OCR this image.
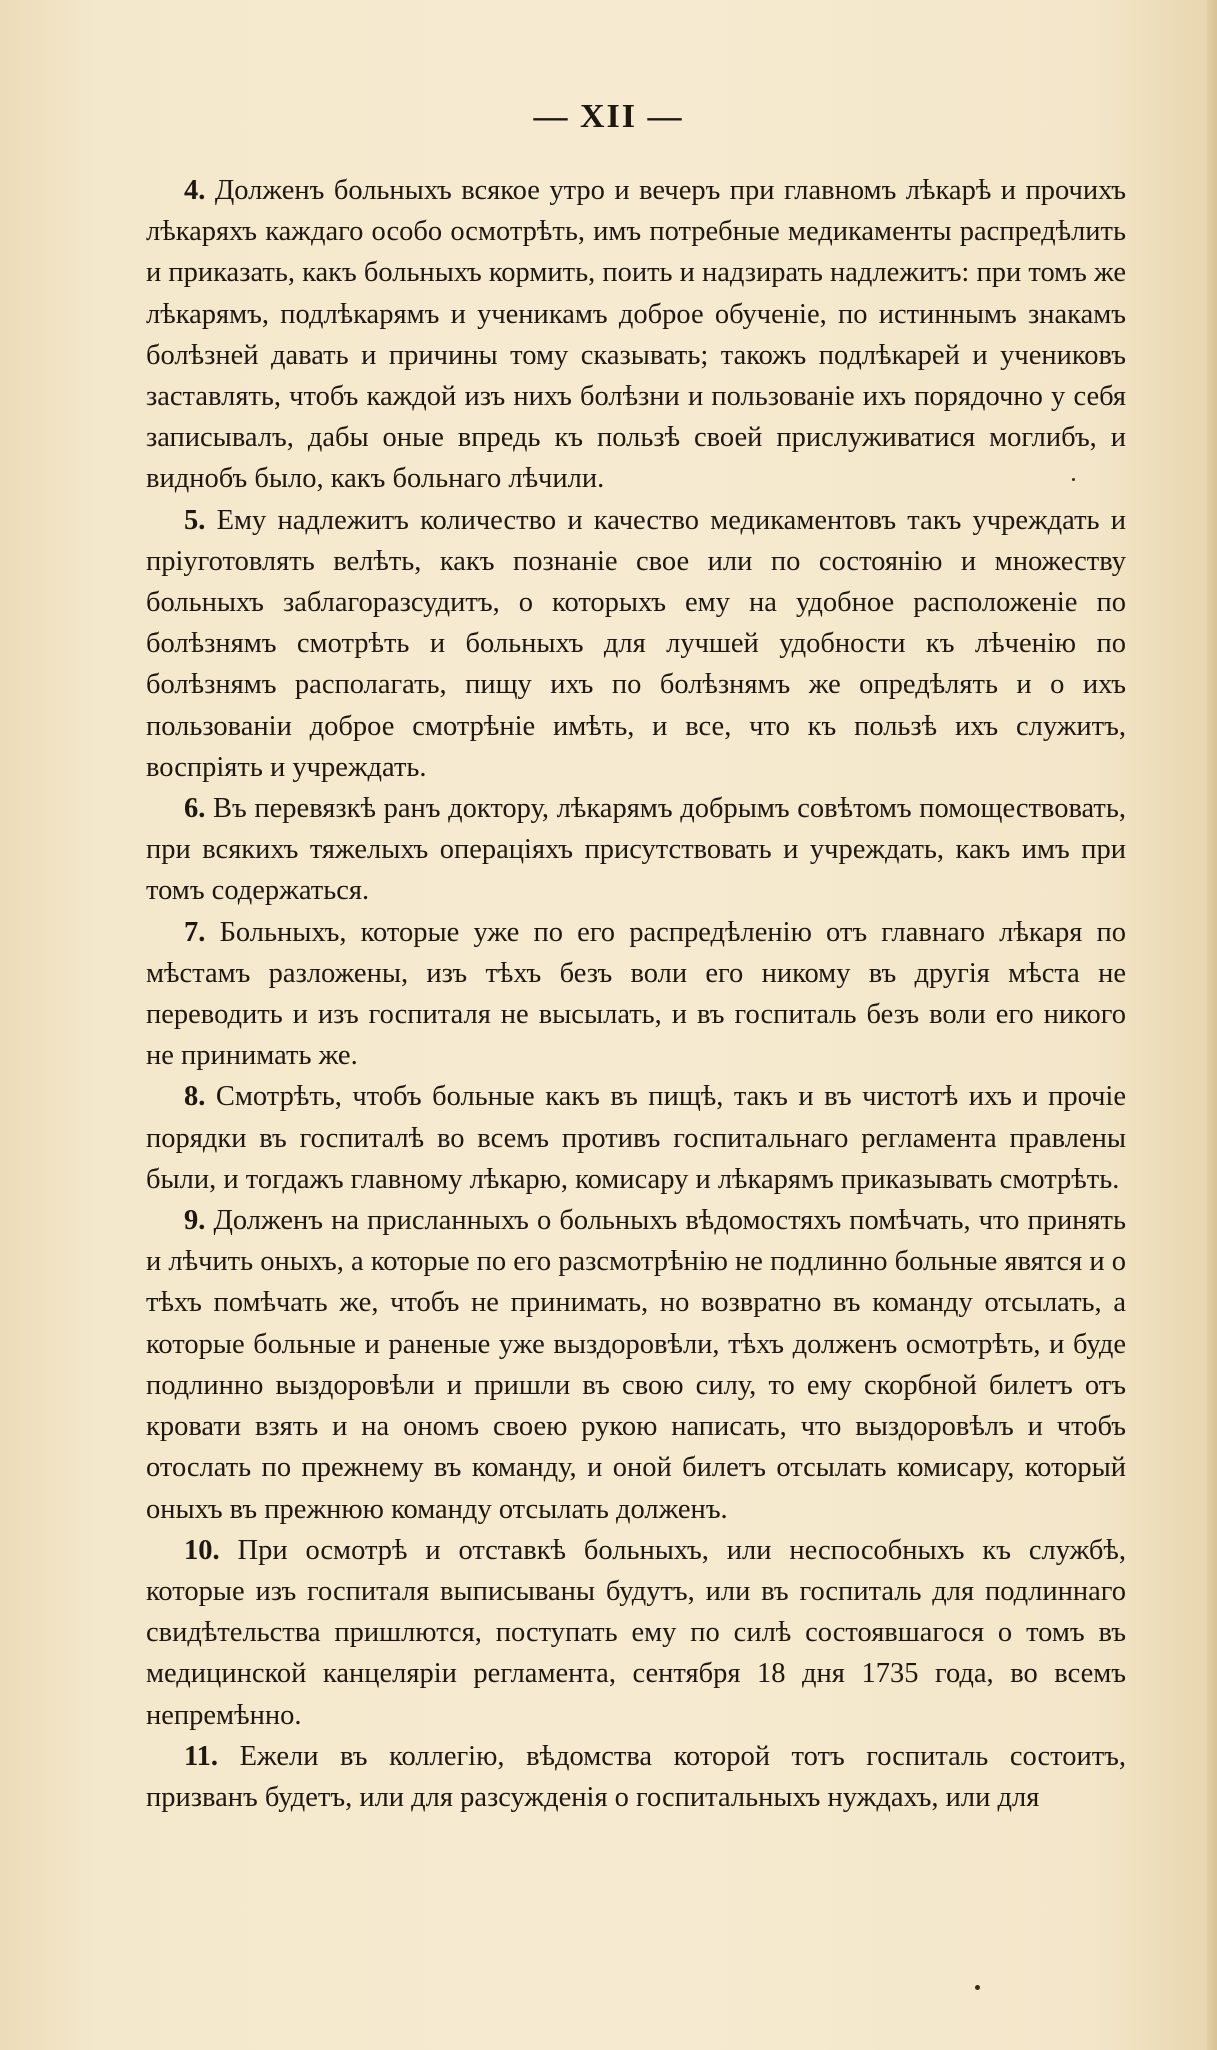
— XII —

4. Долженъ больныхъ всякое утро и вечеръ при главномъ лѣкарѣ и прочихъ лѣкаряхъ каждаго особо осмотрѣть, имъ потребные медикаменты распредѣлить и приказать, какъ больныхъ кормить, поить и надзирать надлежитъ: при томъ же лѣкарямъ, подлѣкарямъ и ученикамъ доброе обученіе, по истиннымъ знакамъ болѣзней давать и причины тому сказывать; такожъ подлѣкарей и учениковъ заставлять, чтобъ каждой изъ нихъ болѣзни и пользованіе ихъ порядочно у себя записывалъ, дабы оные впредь къ пользѣ своей прислуживатися моглибъ, и виднобъ было, какъ больнаго лѣчили.

5. Ему надлежитъ количество и качество медикаментовъ такъ учреждать и пріуготовлять велѣть, какъ познаніе свое или по состоянію и множеству больныхъ заблагоразсудитъ, о которыхъ ему на удобное расположеніе по болѣзнямъ смотрѣть и больныхъ для лучшей удобности къ лѣченію по болѣзнямъ располагать, пищу ихъ по болѣзнямъ же опредѣлять и о ихъ пользованіи доброе смотрѣніе имѣть, и все, что къ пользѣ ихъ служитъ, воспріять и учреждать.

6. Въ перевязкѣ ранъ доктору, лѣкарямъ добрымъ совѣтомъ помоществовать, при всякихъ тяжелыхъ операціяхъ присутствовать и учреждать, какъ имъ при томъ содержаться.

7. Больныхъ, которые уже по его распредѣленію отъ главнаго лѣкаря по мѣстамъ разложены, изъ тѣхъ безъ воли его никому въ другія мѣста не переводить и изъ госпиталя не высылать, и въ госпиталь безъ воли его никого не принимать же.

8. Смотрѣть, чтобъ больные какъ въ пищѣ, такъ и въ чистотѣ ихъ и прочіе порядки въ госпиталѣ во всемъ противъ госпитальнаго регламента правлены были, и тогдажъ главному лѣкарю, комисару и лѣкарямъ приказывать смотрѣть.

9. Долженъ на присланныхъ о больныхъ вѣдомостяхъ помѣчать, что принять и лѣчить оныхъ, а которые по его разсмотрѣнію не подлинно больные явятся и о тѣхъ помѣчать же, чтобъ не принимать, но возвратно въ команду отсылать, а которые больные и раненые уже выздоровѣли, тѣхъ долженъ осмотрѣть, и буде подлинно выздоровѣли и пришли въ свою силу, то ему скорбной билетъ отъ кровати взять и на ономъ своею рукою написать, что выздоровѣлъ и чтобъ отослать по прежнему въ команду, и оной билетъ отсылать комисару, который оныхъ въ прежнюю команду отсылать долженъ.

10. При осмотрѣ и отставкѣ больныхъ, или неспособныхъ къ службѣ, которые изъ госпиталя выписываны будутъ, или въ госпиталь для подлиннаго свидѣтельства пришлются, поступать ему по силѣ состоявшагося о томъ въ медицинской канцеляріи регламента, сентября 18 дня 1735 года, во всемъ непремѣнно.

11. Ежели въ коллегію, вѣдомства которой тотъ госпиталь состоитъ, призванъ будетъ, или для разсужденія о госпитальныхъ нуждахъ, или для
